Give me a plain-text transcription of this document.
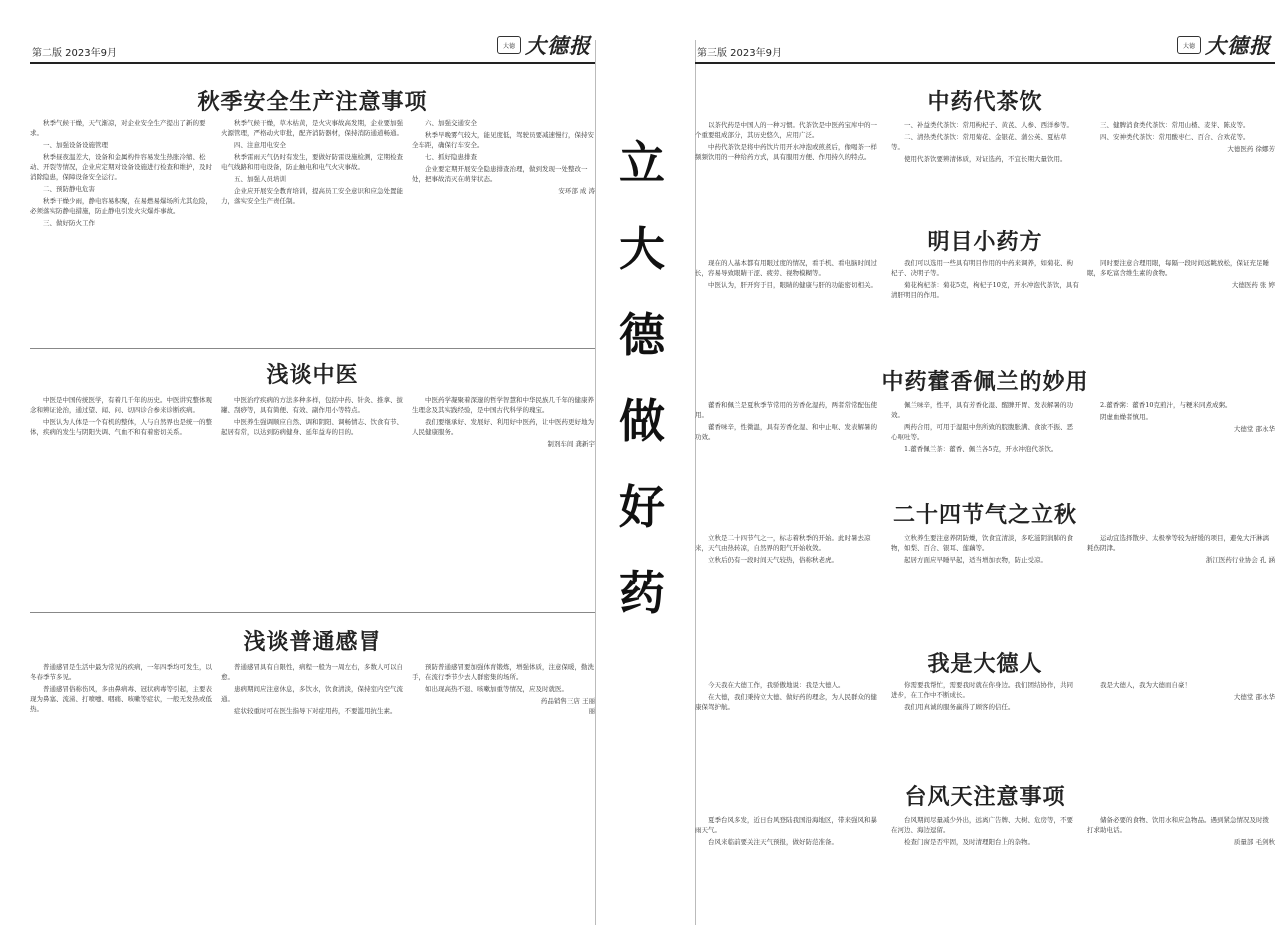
第二版 2023年9月
大德 大德报
秋季安全生产注意事项

秋季气候干燥，天气渐凉，对企业安全生产提出了新的要求。

一、加强设备设施管理

秋季昼夜温差大，设备和金属构件容易发生热胀冷缩、松动、开裂等情况，企业应定期对设备设施进行检查和维护，及时消除隐患，保障设备安全运行。

二、预防静电危害

秋季干燥少雨，静电容易积聚，在易燃易爆场所尤其危险，必须落实防静电措施，防止静电引发火灾爆炸事故。

三、做好防火工作

秋季气候干燥，草木枯黄，是火灾事故高发期，企业要加强火源管理，严格动火审批，配齐消防器材，保持消防通道畅通。

四、注意用电安全

秋季雷雨天气仍时有发生，要做好防雷设施检测，定期检查电气线路和用电设备，防止触电和电气火灾事故。

五、加强人员培训

企业应开展安全教育培训，提高员工安全意识和应急处置能力，落实安全生产责任制。

六、加强交通安全

秋季早晚雾气较大，能见度低，驾驶员要减速慢行，保持安全车距，确保行车安全。

七、抓好隐患排查

企业要定期开展安全隐患排查治理，做到发现一处整改一处，把事故消灭在萌芽状态。

安环部 成 涛
浅谈中医

中医是中国传统医学，有着几千年的历史。中医讲究整体观念和辨证论治，通过望、闻、问、切四诊合参来诊断疾病。

中医认为人体是一个有机的整体，人与自然界也是统一的整体，疾病的发生与阴阳失调、气血不和有着密切关系。

中医治疗疾病的方法多种多样，包括中药、针灸、推拿、拔罐、刮痧等，具有简便、有效、副作用小等特点。

中医养生强调顺应自然、调和阴阳、调畅情志、饮食有节、起居有常，以达到防病健身、延年益寿的目的。

中医药学凝聚着深邃的哲学智慧和中华民族几千年的健康养生理念及其实践经验，是中国古代科学的瑰宝。

我们要继承好、发展好、利用好中医药，让中医药更好地为人民健康服务。

制剂车间 龚新宇
浅谈普通感冒

普通感冒是生活中最为常见的疾病，一年四季均可发生，以冬春季节多见。

普通感冒俗称伤风，多由鼻病毒、冠状病毒等引起，主要表现为鼻塞、流涕、打喷嚏、咽痛、咳嗽等症状，一般无发热或低热。

普通感冒具有自限性，病程一般为一周左右，多数人可以自愈。

患病期间应注意休息，多饮水，饮食清淡，保持室内空气流通。

症状较重时可在医生指导下对症用药，不要滥用抗生素。

预防普通感冒要加强体育锻炼，增强体质，注意保暖，勤洗手，在流行季节少去人群密集的场所。

如出现高热不退、咳嗽加重等情况，应及时就医。

药品销售三店 王丽
丽
立
大
德
做
好
药
第三版 2023年9月
大德 大德报
中药代茶饮

以茶代药是中国人的一种习惯。代茶饮是中医药宝库中的一个重要组成部分，其历史悠久，应用广泛。

中药代茶饮是将中药饮片用开水冲泡或煎煮后，像喝茶一样频频饮用的一种给药方式，具有服用方便、作用持久的特点。

一、补益类代茶饮：常用枸杞子、黄芪、人参、西洋参等。

二、清热类代茶饮：常用菊花、金银花、蒲公英、夏枯草等。

使用代茶饮要辨清体质，对证选药，不宜长期大量饮用。

三、健脾消食类代茶饮：常用山楂、麦芽、陈皮等。

四、安神类代茶饮：常用酸枣仁、百合、合欢花等。

大德医药 徐娜芳
明目小药方

现在的人基本都有用眼过度的情况，看手机、看电脑时间过长，容易导致眼睛干涩、疲劳、视物模糊等。

中医认为，肝开窍于目，眼睛的健康与肝的功能密切相关。

我们可以选用一些具有明目作用的中药来调养，如菊花、枸杞子、决明子等。

菊花枸杞茶：菊花5克，枸杞子10克，开水冲泡代茶饮，具有清肝明目的作用。

同时要注意合理用眼，每隔一段时间远眺放松，保证充足睡眠，多吃富含维生素的食物。

大德医药 张 婷
中药藿香佩兰的妙用

藿香和佩兰是夏秋季节常用的芳香化湿药，两者常常配伍使用。

藿香味辛，性微温，具有芳香化湿、和中止呕、发表解暑的功效。

佩兰味辛，性平，具有芳香化湿、醒脾开胃、发表解暑的功效。

两药合用，可用于湿阻中焦所致的脘腹胀满、食欲不振、恶心呕吐等。

1.藿香佩兰茶：藿香、佩兰各5克，开水冲泡代茶饮。

2.藿香粥：藿香10克煎汁，与粳米同煮成粥。

阴虚血燥者慎用。

大德堂 邵永华
二十四节气之立秋

立秋是二十四节气之一，标志着秋季的开始。此时暑去凉来，天气由热转凉，自然界的阳气开始收敛。

立秋后仍有一段时间天气较热，俗称秋老虎。

立秋养生要注意养阴防燥，饮食宜清淡，多吃滋阴润肺的食物，如梨、百合、银耳、莲藕等。

起居方面应早睡早起，适当增加衣物，防止受凉。

运动宜选择散步、太极拳等较为舒缓的项目，避免大汗淋漓耗伤阴津。

浙江医药行业协会 孔 涵
我是大德人

今天我在大德工作，我骄傲地说：我是大德人。

在大德，我们秉持立大德、做好药的理念，为人民群众的健康保驾护航。

你需要我帮忙，需要我时就在你身边。我们团结协作，共同进步，在工作中不断成长。

我们用真诚的服务赢得了顾客的信任。

我是大德人，我为大德而自豪！

大德堂 邵永华
台风天注意事项

夏季台风多发，近日台风登陆我国沿海地区，带来强风和暴雨天气。

台风来临前要关注天气预报，做好防范准备。

台风期间尽量减少外出，远离广告牌、大树、危房等，不要在河边、海边逗留。

检查门窗是否牢固，及时清理阳台上的杂物。

储备必要的食物、饮用水和应急物品。遇到紧急情况及时拨打求助电话。

质量部 毛剑秋
